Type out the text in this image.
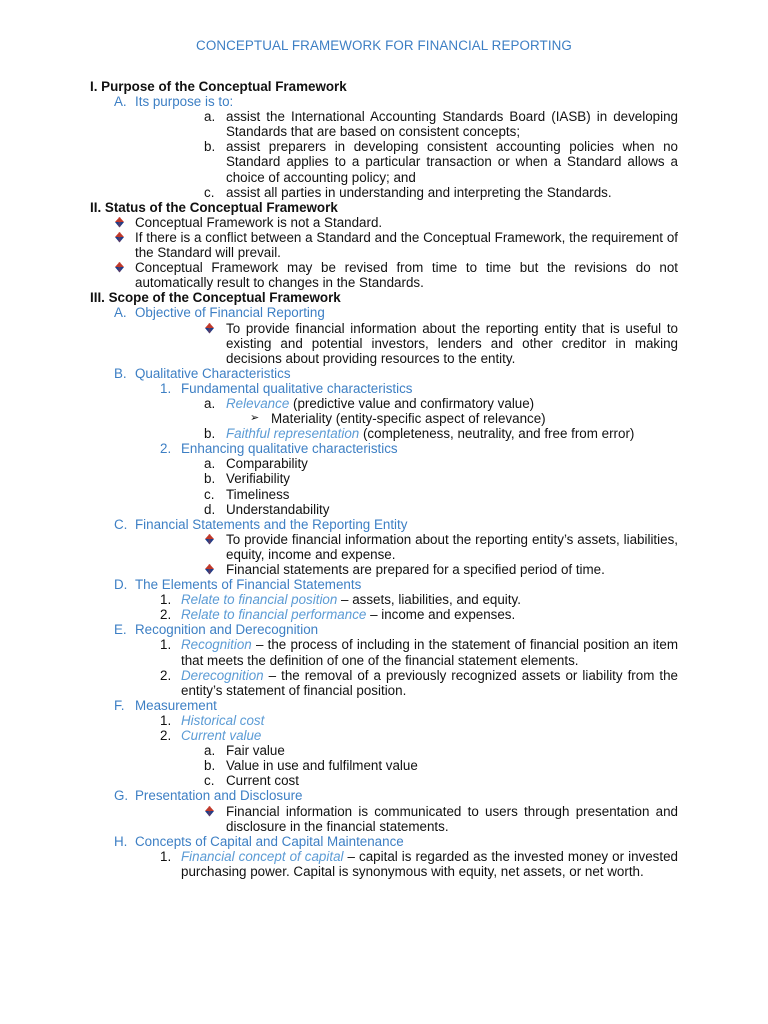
CONCEPTUAL FRAMEWORK FOR FINANCIAL REPORTING
I. Purpose of the Conceptual Framework
A. Its purpose is to:
a. assist the International Accounting Standards Board (IASB) in developing Standards that are based on consistent concepts;
b. assist preparers in developing consistent accounting policies when no Standard applies to a particular transaction or when a Standard allows a choice of accounting policy; and
c. assist all parties in understanding and interpreting the Standards.
II. Status of the Conceptual Framework
Conceptual Framework is not a Standard.
If there is a conflict between a Standard and the Conceptual Framework, the requirement of the Standard will prevail.
Conceptual Framework may be revised from time to time but the revisions do not automatically result to changes in the Standards.
III. Scope of the Conceptual Framework
A. Objective of Financial Reporting
To provide financial information about the reporting entity that is useful to existing and potential investors, lenders and other creditor in making decisions about providing resources to the entity.
B. Qualitative Characteristics
1. Fundamental qualitative characteristics
a. Relevance (predictive value and confirmatory value)
➢ Materiality (entity-specific aspect of relevance)
b. Faithful representation (completeness, neutrality, and free from error)
2. Enhancing qualitative characteristics
a. Comparability
b. Verifiability
c. Timeliness
d. Understandability
C. Financial Statements and the Reporting Entity
To provide financial information about the reporting entity’s assets, liabilities, equity, income and expense.
Financial statements are prepared for a specified period of time.
D. The Elements of Financial Statements
1. Relate to financial position – assets, liabilities, and equity.
2. Relate to financial performance – income and expenses.
E. Recognition and Derecognition
1. Recognition – the process of including in the statement of financial position an item that meets the definition of one of the financial statement elements.
2. Derecognition – the removal of a previously recognized assets or liability from the entity’s statement of financial position.
F. Measurement
1. Historical cost
2. Current value
a. Fair value
b. Value in use and fulfilment value
c. Current cost
G. Presentation and Disclosure
Financial information is communicated to users through presentation and disclosure in the financial statements.
H. Concepts of Capital and Capital Maintenance
1. Financial concept of capital – capital is regarded as the invested money or invested purchasing power. Capital is synonymous with equity, net assets, or net worth.
